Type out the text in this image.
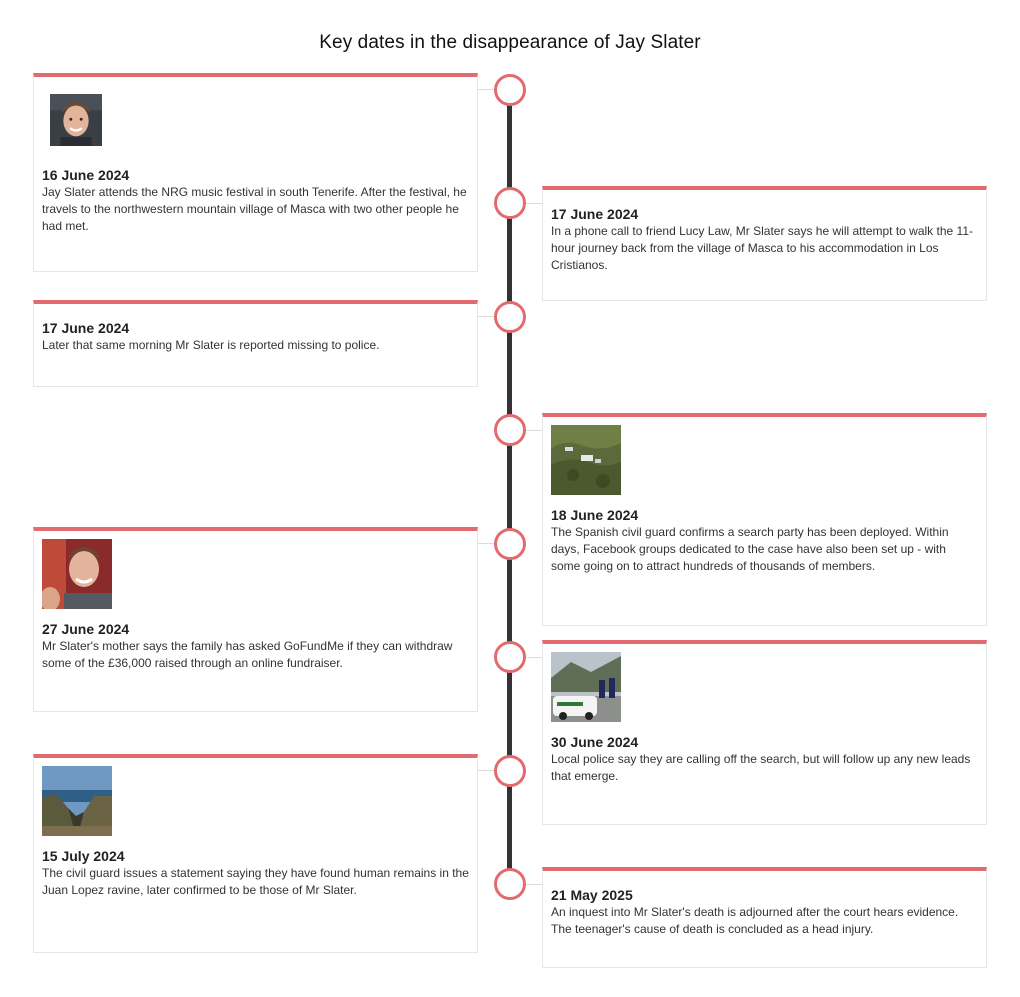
Key dates in the disappearance of Jay Slater

16 June 2024

Jay Slater attends the NRG music festival in south Tenerife. After the festival, he travels to the northwestern mountain village of Masca with two other people he had met.

17 June 2024

In a phone call to friend Lucy Law, Mr Slater says he will attempt to walk the 11-hour journey back from the village of Masca to his accommodation in Los Cristianos.

17 June 2024

Later that same morning Mr Slater is reported missing to police.

18 June 2024

The Spanish civil guard confirms a search party has been deployed. Within days, Facebook groups dedicated to the case have also been set up - with some going on to attract hundreds of thousands of members.

27 June 2024

Mr Slater's mother says the family has asked GoFundMe if they can withdraw some of the £36,000 raised through an online fundraiser.

30 June 2024

Local police say they are calling off the search, but will follow up any new leads that emerge.

15 July 2024

The civil guard issues a statement saying they have found human remains in the Juan Lopez ravine, later confirmed to be those of Mr Slater.	21 May 2025

An inquest into Mr Slater's death is adjourned after the court hears evidence. The teenager's cause of death is concluded as a head injury.
